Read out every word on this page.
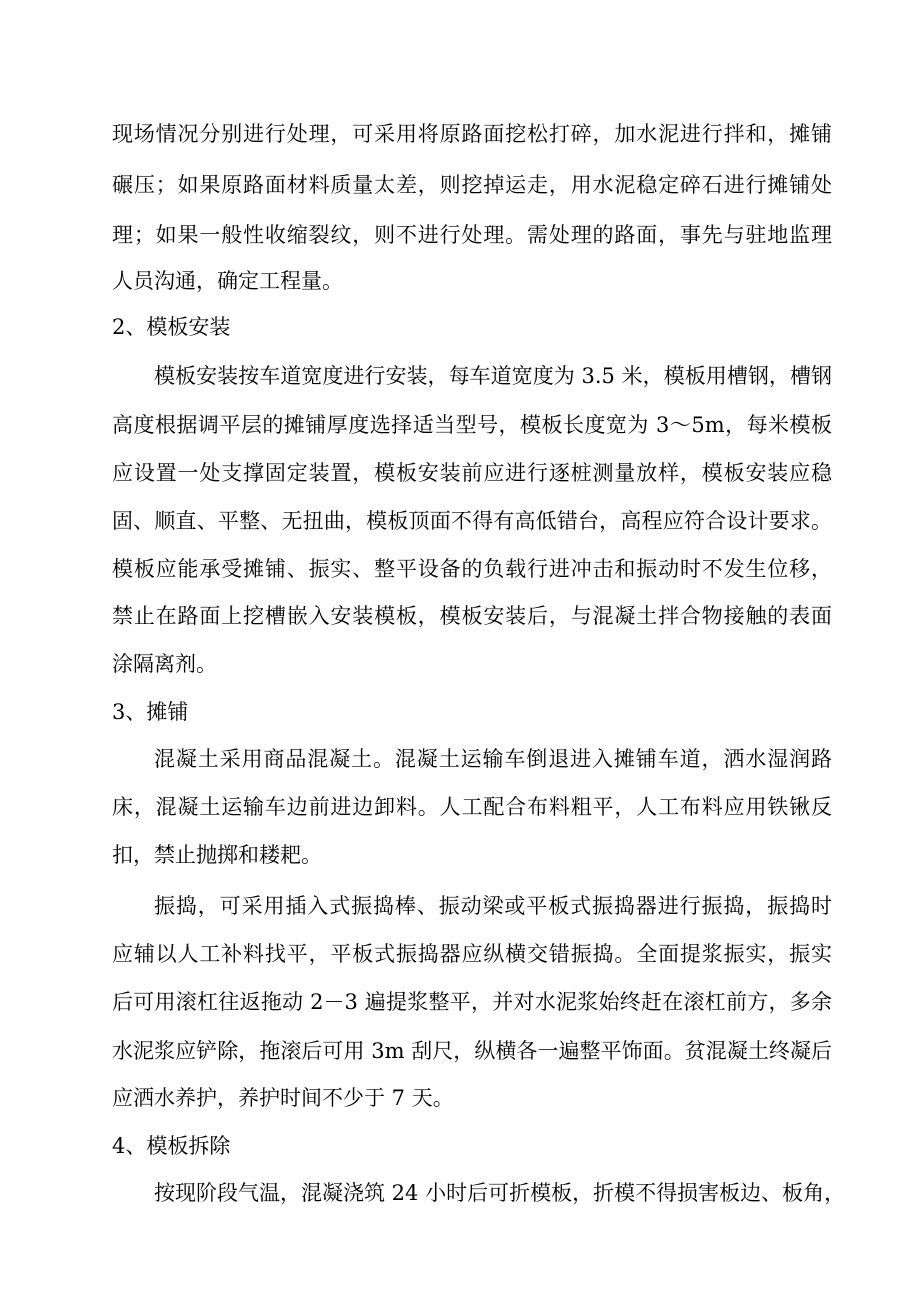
现场情况分别进行处理，可采用将原路面挖松打碎，加水泥进行拌和，摊铺
碾压；如果原路面材料质量太差，则挖掉运走，用水泥稳定碎石进行摊铺处
理；如果一般性收缩裂纹，则不进行处理。需处理的路面，事先与驻地监理
人员沟通，确定工程量。
2、模板安装
模板安装按车道宽度进行安装，每车道宽度为 3.5 米，模板用槽钢，槽钢
高度根据调平层的摊铺厚度选择适当型号，模板长度宽为 3～5m，每米模板
应设置一处支撑固定装置，模板安装前应进行逐桩测量放样，模板安装应稳
固、顺直、平整、无扭曲，模板顶面不得有高低错台，高程应符合设计要求。
模板应能承受摊铺、振实、整平设备的负载行进冲击和振动时不发生位移，
禁止在路面上挖槽嵌入安装模板，模板安装后，与混凝土拌合物接触的表面
涂隔离剂。
3、摊铺
混凝土采用商品混凝土。混凝土运输车倒退进入摊铺车道，洒水湿润路
床，混凝土运输车边前进边卸料。人工配合布料粗平，人工布料应用铁锹反
扣，禁止抛掷和耧耙。
振捣，可采用插入式振捣棒、振动梁或平板式振捣器进行振捣，振捣时
应辅以人工补料找平，平板式振捣器应纵横交错振捣。全面提浆振实，振实
后可用滚杠往返拖动 2－3 遍提浆整平，并对水泥浆始终赶在滚杠前方，多余
水泥浆应铲除，拖滚后可用 3m 刮尺，纵横各一遍整平饰面。贫混凝土终凝后
应洒水养护，养护时间不少于 7 天。
4、模板拆除
按现阶段气温，混凝浇筑 24 小时后可折模板，折模不得损害板边、板角，
